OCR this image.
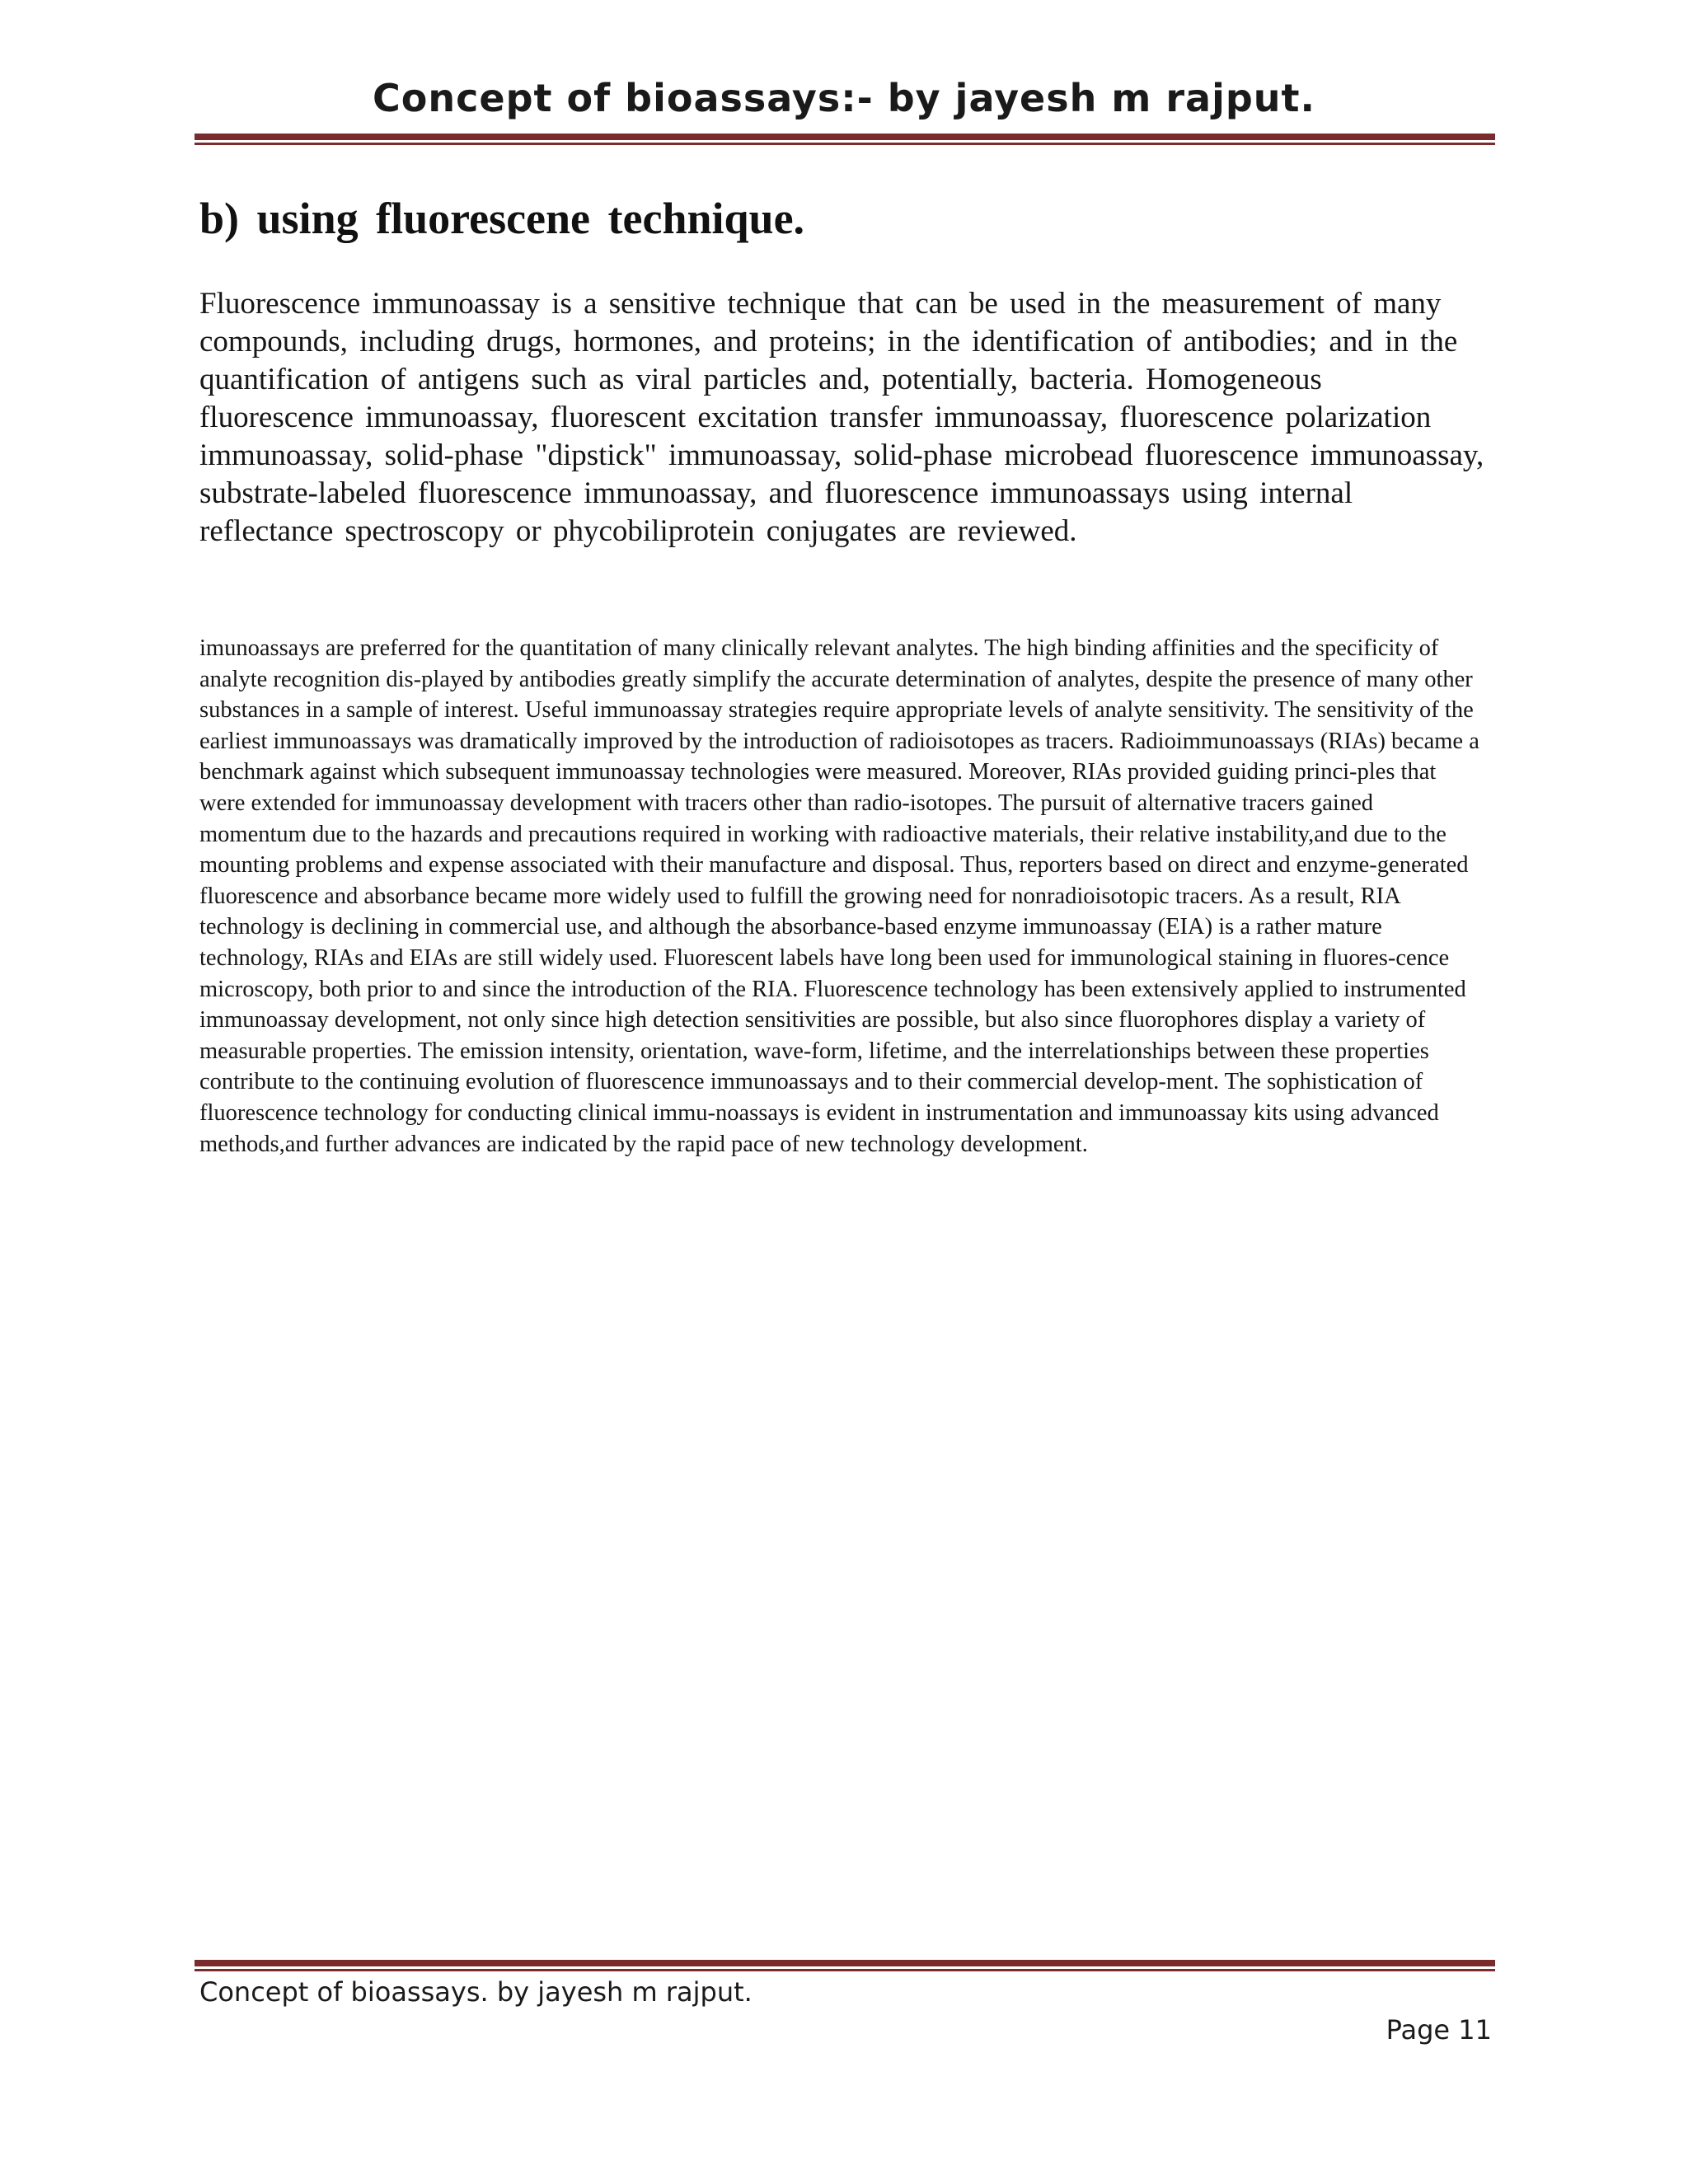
Concept of bioassays:- by jayesh m rajput.
b) using fluorescene technique.

Fluorescence immunoassay is a sensitive technique that can be used in the measurement of many compounds, including drugs, hormones, and proteins; in the identification of antibodies; and in the quantification of antigens such as viral particles and, potentially, bacteria. Homogeneous fluorescence immunoassay, fluorescent excitation transfer immunoassay, fluorescence polarization immunoassay, solid-phase "dipstick" immunoassay, solid-phase microbead fluorescence immunoassay, substrate-labeled fluorescence immunoassay, and fluorescence immunoassays using internal reflectance spectroscopy or phycobiliprotein conjugates are reviewed.

imunoassays are preferred for the quantitation of many clinically relevant analytes. The high binding affinities and the specificity of analyte recognition dis-played by antibodies greatly simplify the accurate determination of analytes, despite the presence of many other substances in a sample of interest. Useful immunoassay strategies require appropriate levels of analyte sensitivity. The sensitivity of the earliest immunoassays was dramatically improved by the introduction of radioisotopes as tracers. Radioimmunoassays (RIAs) became a benchmark against which subsequent immunoassay technologies were measured. Moreover, RIAs provided guiding princi-ples that were extended for immunoassay development with tracers other than radio-isotopes. The pursuit of alternative tracers gained momentum due to the hazards and precautions required in working with radioactive materials, their relative instability,and due to the mounting problems and expense associated with their manufacture and disposal. Thus, reporters based on direct and enzyme-generated fluorescence and absorbance became more widely used to fulfill the growing need for nonradioisotopic tracers. As a result, RIA technology is declining in commercial use, and although the absorbance-based enzyme immunoassay (EIA) is a rather mature technology, RIAs and EIAs are still widely used. Fluorescent labels have long been used for immunological staining in fluores-cence microscopy, both prior to and since the introduction of the RIA. Fluorescence technology has been extensively applied to instrumented immunoassay development, not only since high detection sensitivities are possible, but also since fluorophores display a variety of measurable properties. The emission intensity, orientation, wave-form, lifetime, and the interrelationships between these properties contribute to the continuing evolution of fluorescence immunoassays and to their commercial develop-ment. The sophistication of fluorescence technology for conducting clinical immu-noassays is evident in instrumentation and immunoassay kits using advanced methods,and further advances are indicated by the rapid pace of new technology development.

Concept of bioassays. by jayesh m rajput.

Page 11
